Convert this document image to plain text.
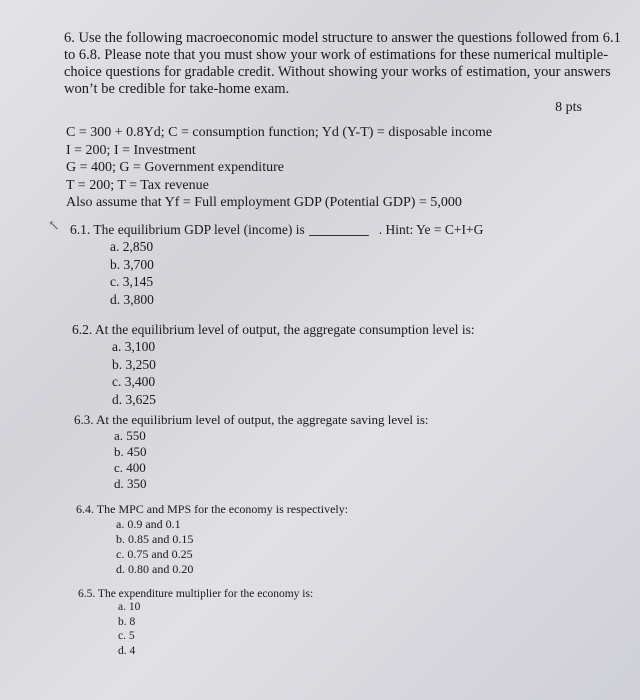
6. Use the following macroeconomic model structure to answer the questions followed from 6.1
to 6.8. Please note that you must show your work of estimations for these numerical multiple-
choice questions for gradable credit. Without showing your works of estimation, your answers
won’t be credible for take-home exam.
8 pts
C = 300 + 0.8Yd; C = consumption function; Yd (Y-T) = disposable income
I = 200; I = Investment
G = 400; G = Government expenditure
T = 200; T = Tax revenue
Also assume that Yf = Full employment GDP (Potential GDP) = 5,000
↖ 6.1. The equilibrium GDP level (income) is	. Hint: Ye = C+I+G
a. 2,850
b. 3,700
c. 3,145
d. 3,800
6.2. At the equilibrium level of output, the aggregate consumption level is:
a. 3,100
b. 3,250
c. 3,400
d. 3,625
6.3. At the equilibrium level of output, the aggregate saving level is:
a. 550
b. 450
c. 400
d. 350
6.4. The MPC and MPS for the economy is respectively:
a. 0.9 and 0.1
b. 0.85 and 0.15
c. 0.75 and 0.25
d. 0.80 and 0.20
6.5. The expenditure multiplier for the economy is:
a. 10
b. 8
c. 5
d. 4
